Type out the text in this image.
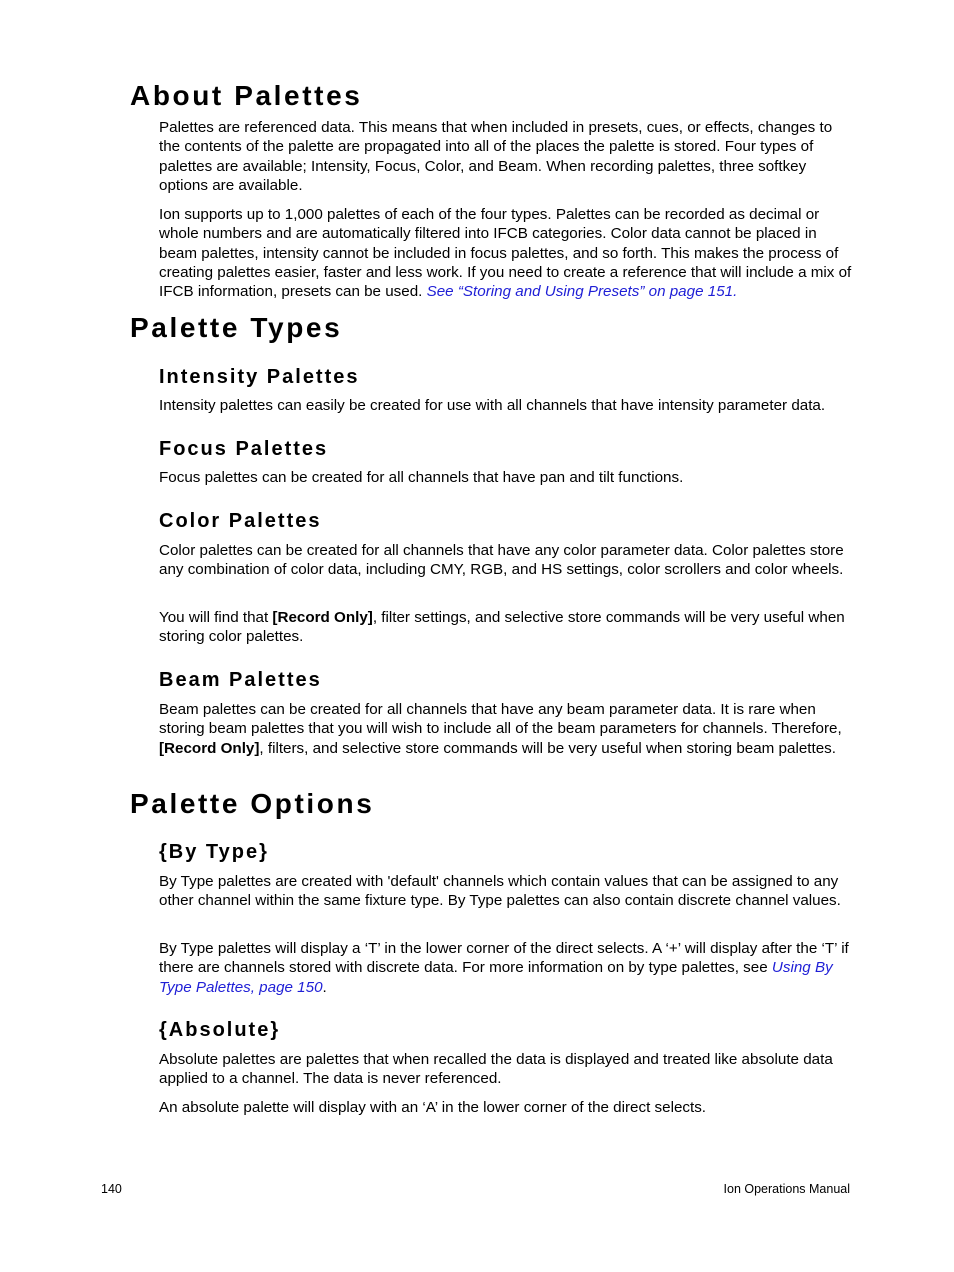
About Palettes

Palettes are referenced data. This means that when included in presets, cues, or effects, changes to the contents of the palette are propagated into all of the places the palette is stored. Four types of palettes are available; Intensity, Focus, Color, and Beam. When recording palettes, three softkey options are available.

Ion supports up to 1,000 palettes of each of the four types. Palettes can be recorded as decimal or whole numbers and are automatically filtered into IFCB categories. Color data cannot be placed in beam palettes, intensity cannot be included in focus palettes, and so forth. This makes the process of creating palettes easier, faster and less work. If you need to create a reference that will include a mix of IFCB information, presets can be used. See “Storing and Using Presets” on page 151.

Palette Types
Intensity Palettes

Intensity palettes can easily be created for use with all channels that have intensity parameter data.

Focus Palettes

Focus palettes can be created for all channels that have pan and tilt functions.

Color Palettes

Color palettes can be created for all channels that have any color parameter data. Color palettes store any combination of color data, including CMY, RGB, and HS settings, color scrollers and color wheels.

You will find that [Record Only], filter settings, and selective store commands will be very useful when storing color palettes.

Beam Palettes

Beam palettes can be created for all channels that have any beam parameter data. It is rare when storing beam palettes that you will wish to include all of the beam parameters for channels. Therefore, [Record Only], filters, and selective store commands will be very useful when storing beam palettes.

Palette Options
{By Type}

By Type palettes are created with 'default' channels which contain values that can be assigned to any other channel within the same fixture type. By Type palettes can also contain discrete channel values.

By Type palettes will display a ‘T’ in the lower corner of the direct selects. A ‘+’ will display after the ‘T’ if there are channels stored with discrete data. For more information on by type palettes, see Using By Type Palettes, page 150.

{Absolute}

Absolute palettes are palettes that when recalled the data is displayed and treated like absolute data applied to a channel. The data is never referenced.

An absolute palette will display with an ‘A’ in the lower corner of the direct selects.

140	Ion Operations Manual
